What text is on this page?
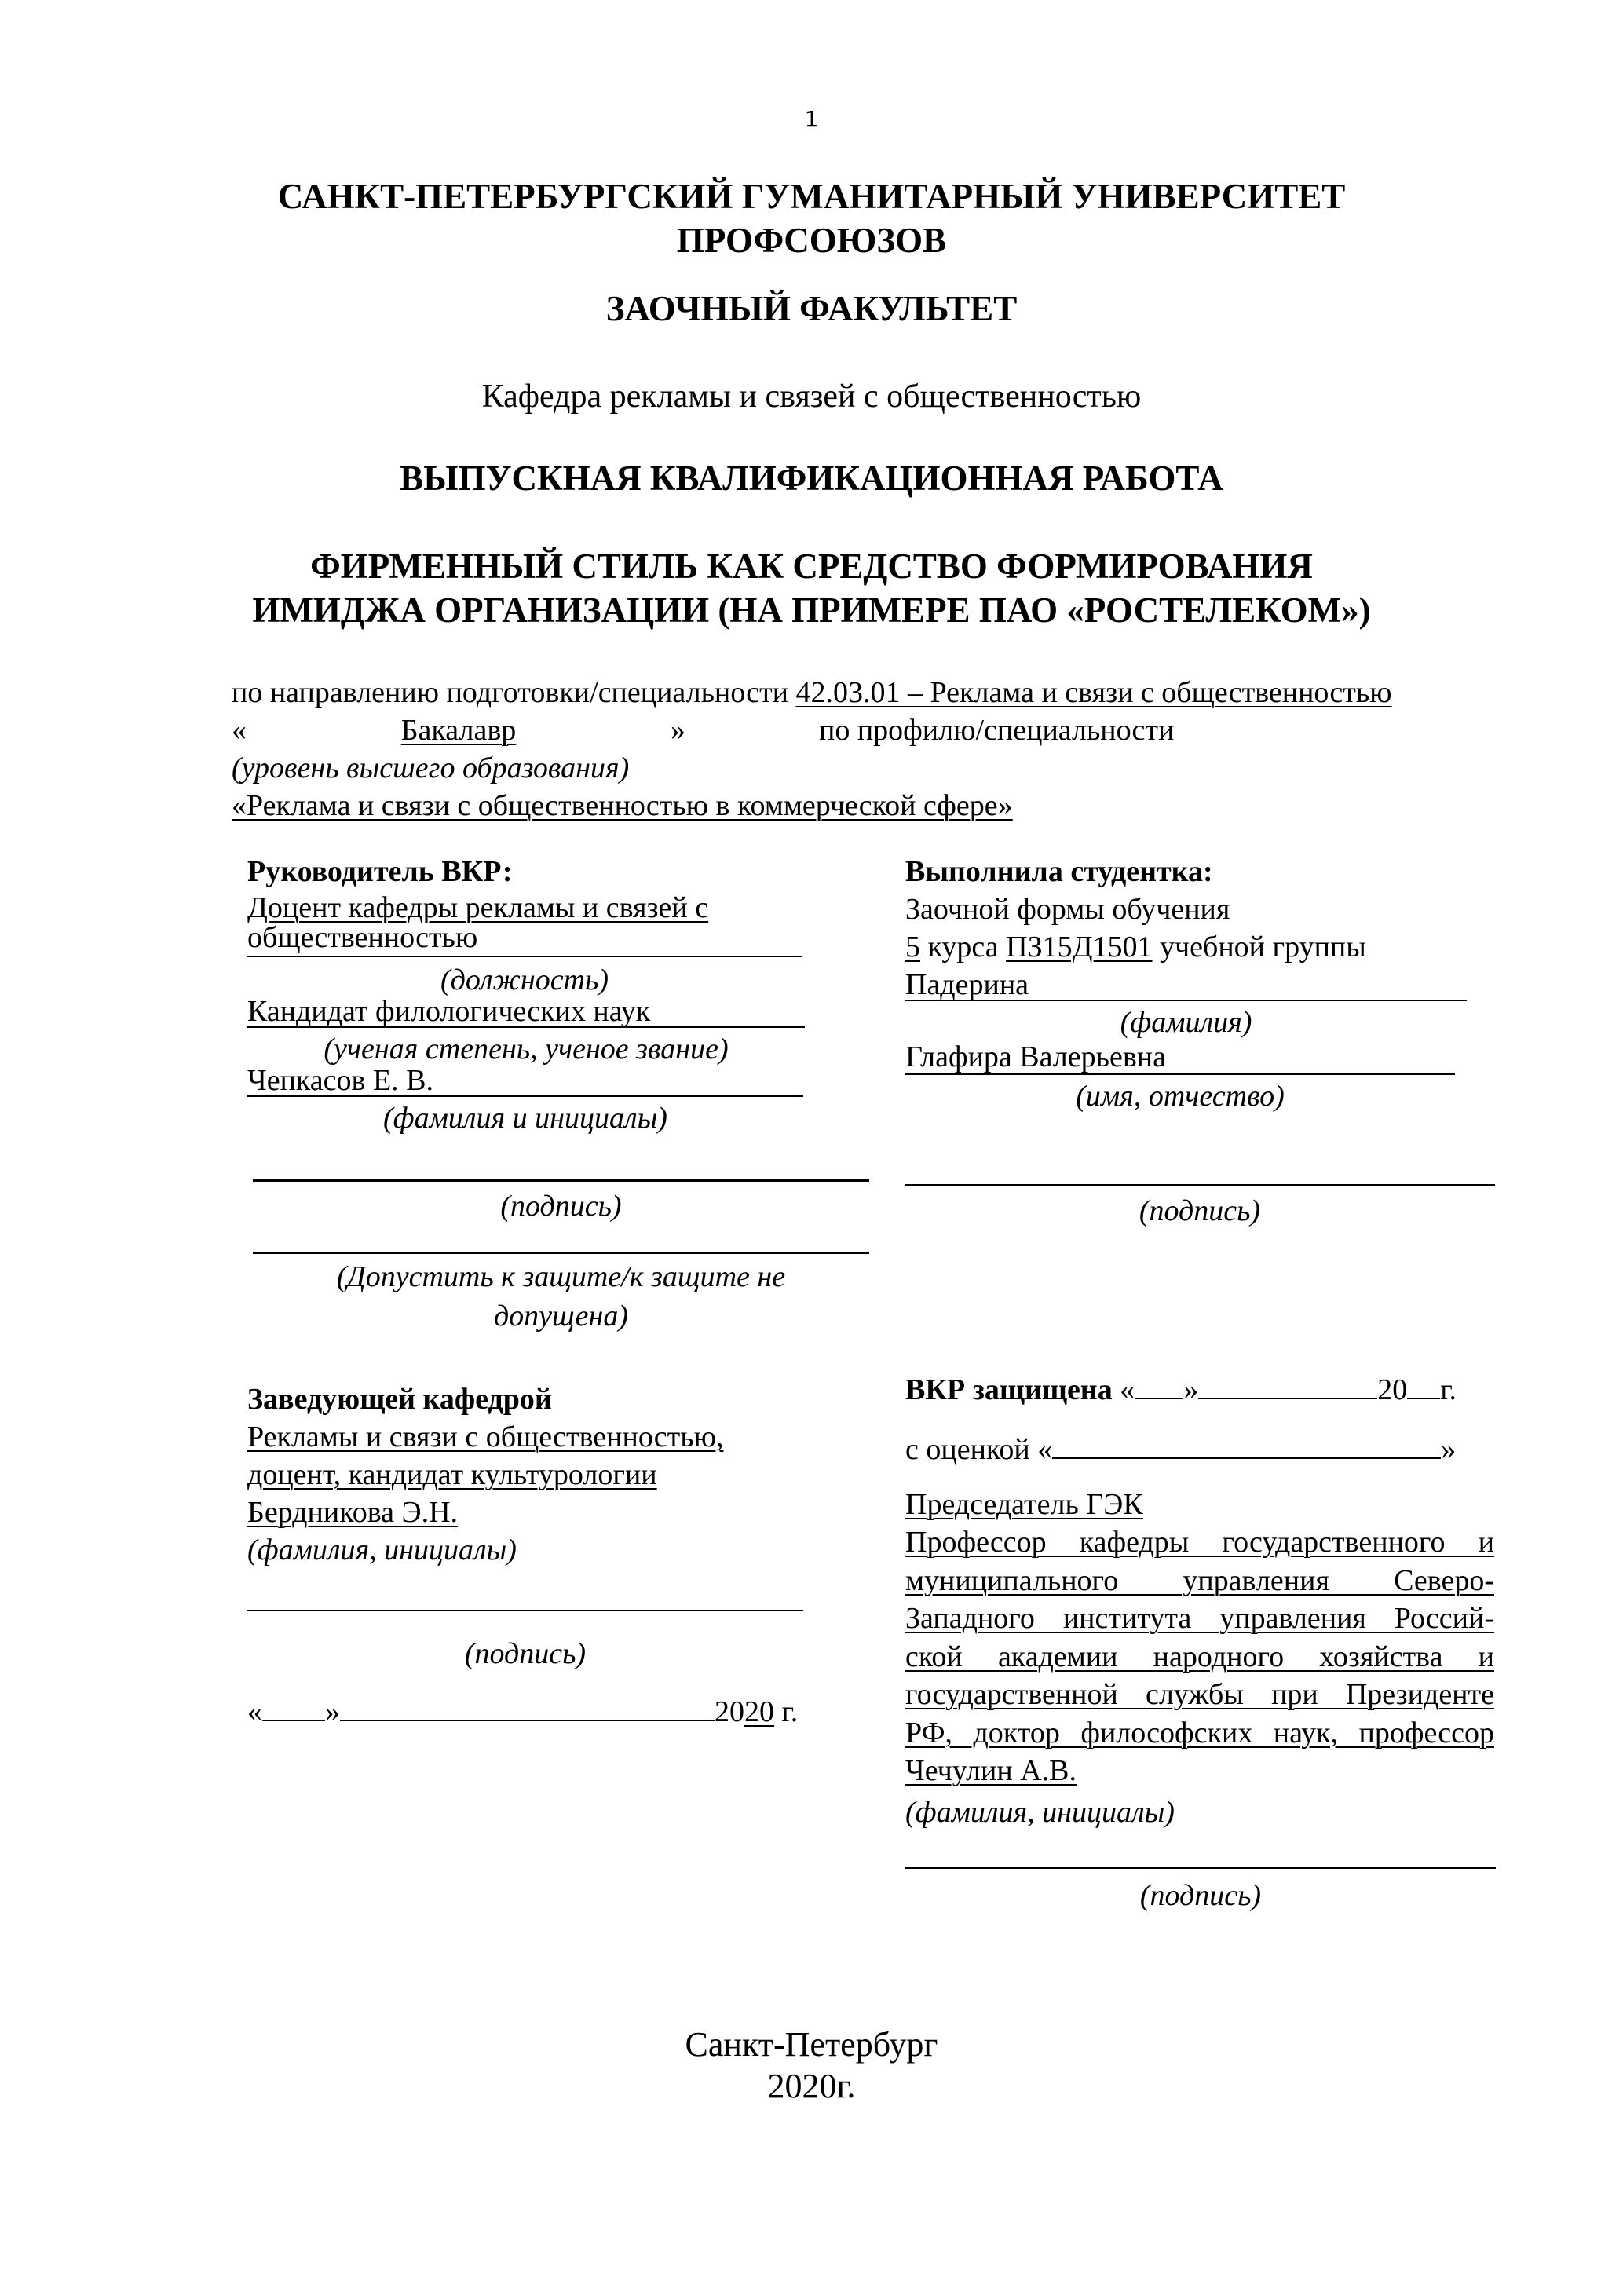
1
САНКТ-ПЕТЕРБУРГСКИЙ ГУМАНИТАРНЫЙ УНИВЕРСИТЕТ
ПРОФСОЮЗОВ
ЗАОЧНЫЙ ФАКУЛЬТЕТ
Кафедра рекламы и связей с общественностью
ВЫПУСКНАЯ КВАЛИФИКАЦИОННАЯ РАБОТА
ФИРМЕННЫЙ СТИЛЬ КАК СРЕДСТВО ФОРМИРОВАНИЯ
ИМИДЖА ОРГАНИЗАЦИИ (НА ПРИМЕРЕ ПАО «РОСТЕЛЕКОМ»)
по направлению подготовки/специальности 42.03.01 – Реклама и связи с общественностью
«	Бакалавр	»	по профилю/специальности
(уровень высшего образования)
«Реклама и связи с общественностью в коммерческой сфере»
Руководитель ВКР:
Доцент кафедры рекламы и связей с
общественностью
(должность)
Кандидат филологических наук
(ученая степень, ученое звание)
Чепкасов Е. В.
(фамилия и инициалы)
(подпись)
(Допустить к защите/к защите не
допущена)
Выполнила студентка:
Заочной формы обучения
5 курса ПЗ15Д1501 учебной группы
Падерина
(фамилия)
Глафира Валерьевна
(имя, отчество)
(подпись)
Заведующей кафедрой
Рекламы и связи с общественностью,
доцент, кандидат культурологии
Бердникова Э.Н.
(фамилия, инициалы)
(подпись)
« »	2020 г.
ВКР защищена « »	20 г.
с оценкой «	»
Председатель ГЭК
Профессор кафедры государственного и
муниципального управления Северо-
Западного института управления Россий-
ской академии народного хозяйства и
государственной службы при Президенте
РФ, доктор философских наук, профессор
Чечулин А.В.
(фамилия, инициалы)
(подпись)
Санкт-Петербург
2020г.
